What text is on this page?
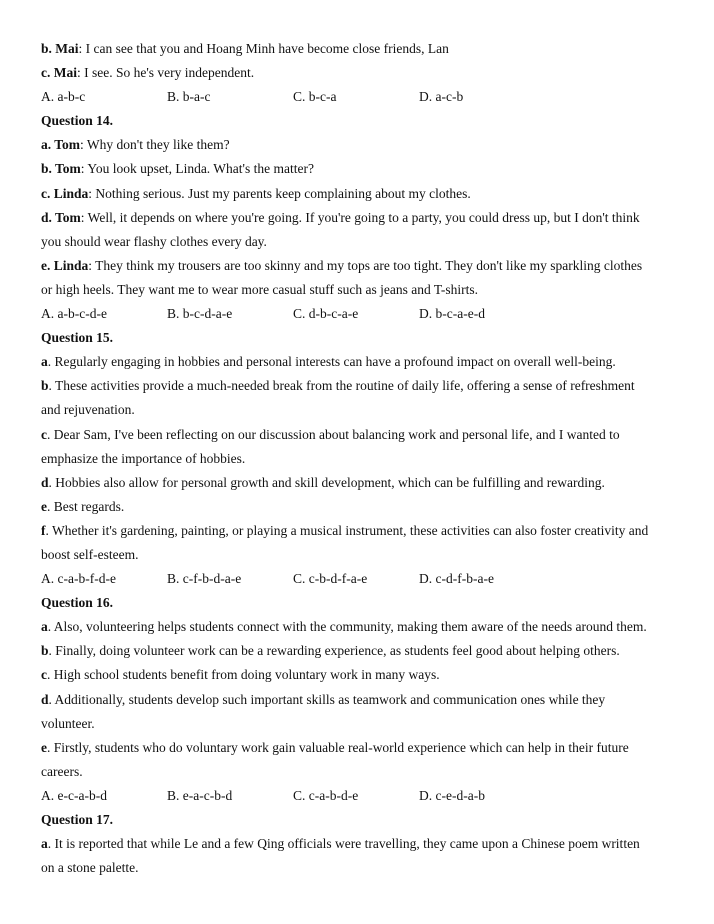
b. Mai: I can see that you and Hoang Minh have become close friends, Lan
c. Mai: I see. So he's very independent.
A. a-b-c	B. b-a-c	C. b-c-a	D. a-c-b
Question 14.
a. Tom: Why don't they like them?
b. Tom: You look upset, Linda. What's the matter?
c. Linda: Nothing serious. Just my parents keep complaining about my clothes.
d. Tom: Well, it depends on where you're going. If you're going to a party, you could dress up, but I don't think
you should wear flashy clothes every day.
e. Linda: They think my trousers are too skinny and my tops are too tight. They don't like my sparkling clothes
or high heels. They want me to wear more casual stuff such as jeans and T-shirts.
A. a-b-c-d-e	B. b-c-d-a-e	C. d-b-c-a-e	D. b-c-a-e-d
Question 15.
a. Regularly engaging in hobbies and personal interests can have a profound impact on overall well-being.
b. These activities provide a much-needed break from the routine of daily life, offering a sense of refreshment
and rejuvenation.
c. Dear Sam, I've been reflecting on our discussion about balancing work and personal life, and I wanted to
emphasize the importance of hobbies.
d. Hobbies also allow for personal growth and skill development, which can be fulfilling and rewarding.
e. Best regards.
f. Whether it's gardening, painting, or playing a musical instrument, these activities can also foster creativity and
boost self-esteem.
A. c-a-b-f-d-e	B. c-f-b-d-a-e	C. c-b-d-f-a-e	D. c-d-f-b-a-e
Question 16.
a. Also, volunteering helps students connect with the community, making them aware of the needs around them.
b. Finally, doing volunteer work can be a rewarding experience, as students feel good about helping others.
c. High school students benefit from doing voluntary work in many ways.
d. Additionally, students develop such important skills as teamwork and communication ones while they
volunteer.
e. Firstly, students who do voluntary work gain valuable real-world experience which can help in their future
careers.
A. e-c-a-b-d	B. e-a-c-b-d	C. c-a-b-d-e	D. c-e-d-a-b
Question 17.
a. It is reported that while Le and a few Qing officials were travelling, they came upon a Chinese poem written
on a stone palette.
